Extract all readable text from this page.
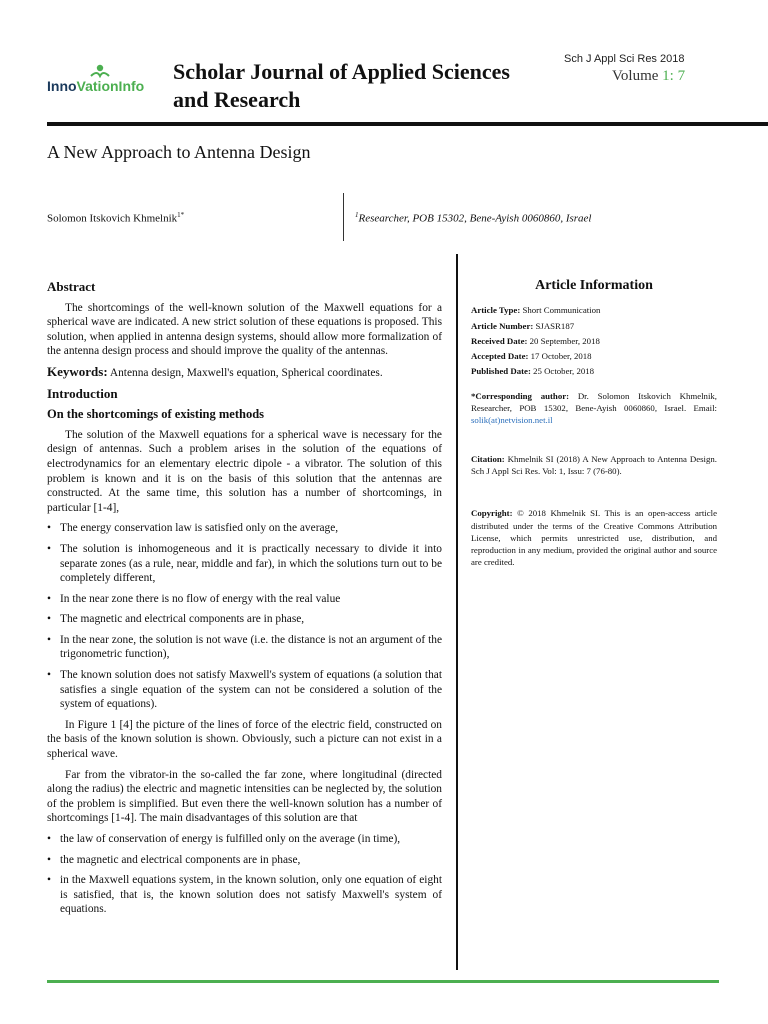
Sch J Appl Sci Res 2018
InnoVationInfo
Scholar Journal of Applied Sciences
and Research
Volume 1: 7
A New Approach to Antenna Design
Solomon Itskovich Khmelnik$^{1*}$	$^1$Researcher, POB 15302, Bene-Ayish 0060860, Israel
Abstract

The shortcomings of the well-known solution of the Maxwell equations for a spherical wave are indicated. A new strict solution of these equations is proposed. This solution, when applied in antenna design systems, should allow more formalization of the antenna design process and should improve the quality of the antennas.

Keywords: Antenna design, Maxwell's equation, Spherical coordinates.

Introduction
On the shortcomings of existing methods

The solution of the Maxwell equations for a spherical wave is necessary for the design of antennas. Such a problem arises in the solution of the equations of electrodynamics for an elementary electric dipole - a vibrator. The solution of this problem is known and it is on the basis of this solution that the antennas are constructed. At the same time, this solution has a number of shortcomings, in particular [1-4],

• The energy conservation law is satisfied only on the average,
• The solution is inhomogeneous and it is practically necessary to divide it into separate zones (as a rule, near, middle and far), in which the solutions turn out to be completely different,
• In the near zone there is no flow of energy with the real value
• The magnetic and electrical components are in phase,
• In the near zone, the solution is not wave (i.e. the distance is not an argument of the trigonometric function),
• The known solution does not satisfy Maxwell's system of equations (a solution that satisfies a single equation of the system can not be considered a solution of the system of equations).

In Figure 1 [4] the picture of the lines of force of the electric field, constructed on the basis of the known solution is shown. Obviously, such a picture can not exist in a spherical wave.

Far from the vibrator-in the so-called the far zone, where longitudinal (directed along the radius) the electric and magnetic intensities can be neglected by, the solution of the problem is simplified. But even there the well-known solution has a number of shortcomings [1-4]. The main disadvantages of this solution are that

• the law of conservation of energy is fulfilled only on the average (in time),
• the magnetic and electrical components are in phase,
• in the Maxwell equations system, in the known solution, only one equation of eight is satisfied, that is, the known solution does not satisfy Maxwell's system of equations.
Article Information
Article Type: Short Communication
Article Number: SJASR187
Received Date: 20 September, 2018
Accepted Date: 17 October, 2018
Published Date: 25 October, 2018
*Corresponding author: Dr. Solomon Itskovich Khmelnik, Researcher, POB 15302, Bene-Ayish 0060860, Israel. Email: solik(at)netvision.net.il
Citation: Khmelnik SI (2018) A New Approach to Antenna Design. Sch J Appl Sci Res. Vol: 1, Issu: 7 (76-80).
Copyright: © 2018 Khmelnik SI. This is an open-access article distributed under the terms of the Creative Commons Attribution License, which permits unrestricted use, distribution, and reproduction in any medium, provided the original author and source are credited.
